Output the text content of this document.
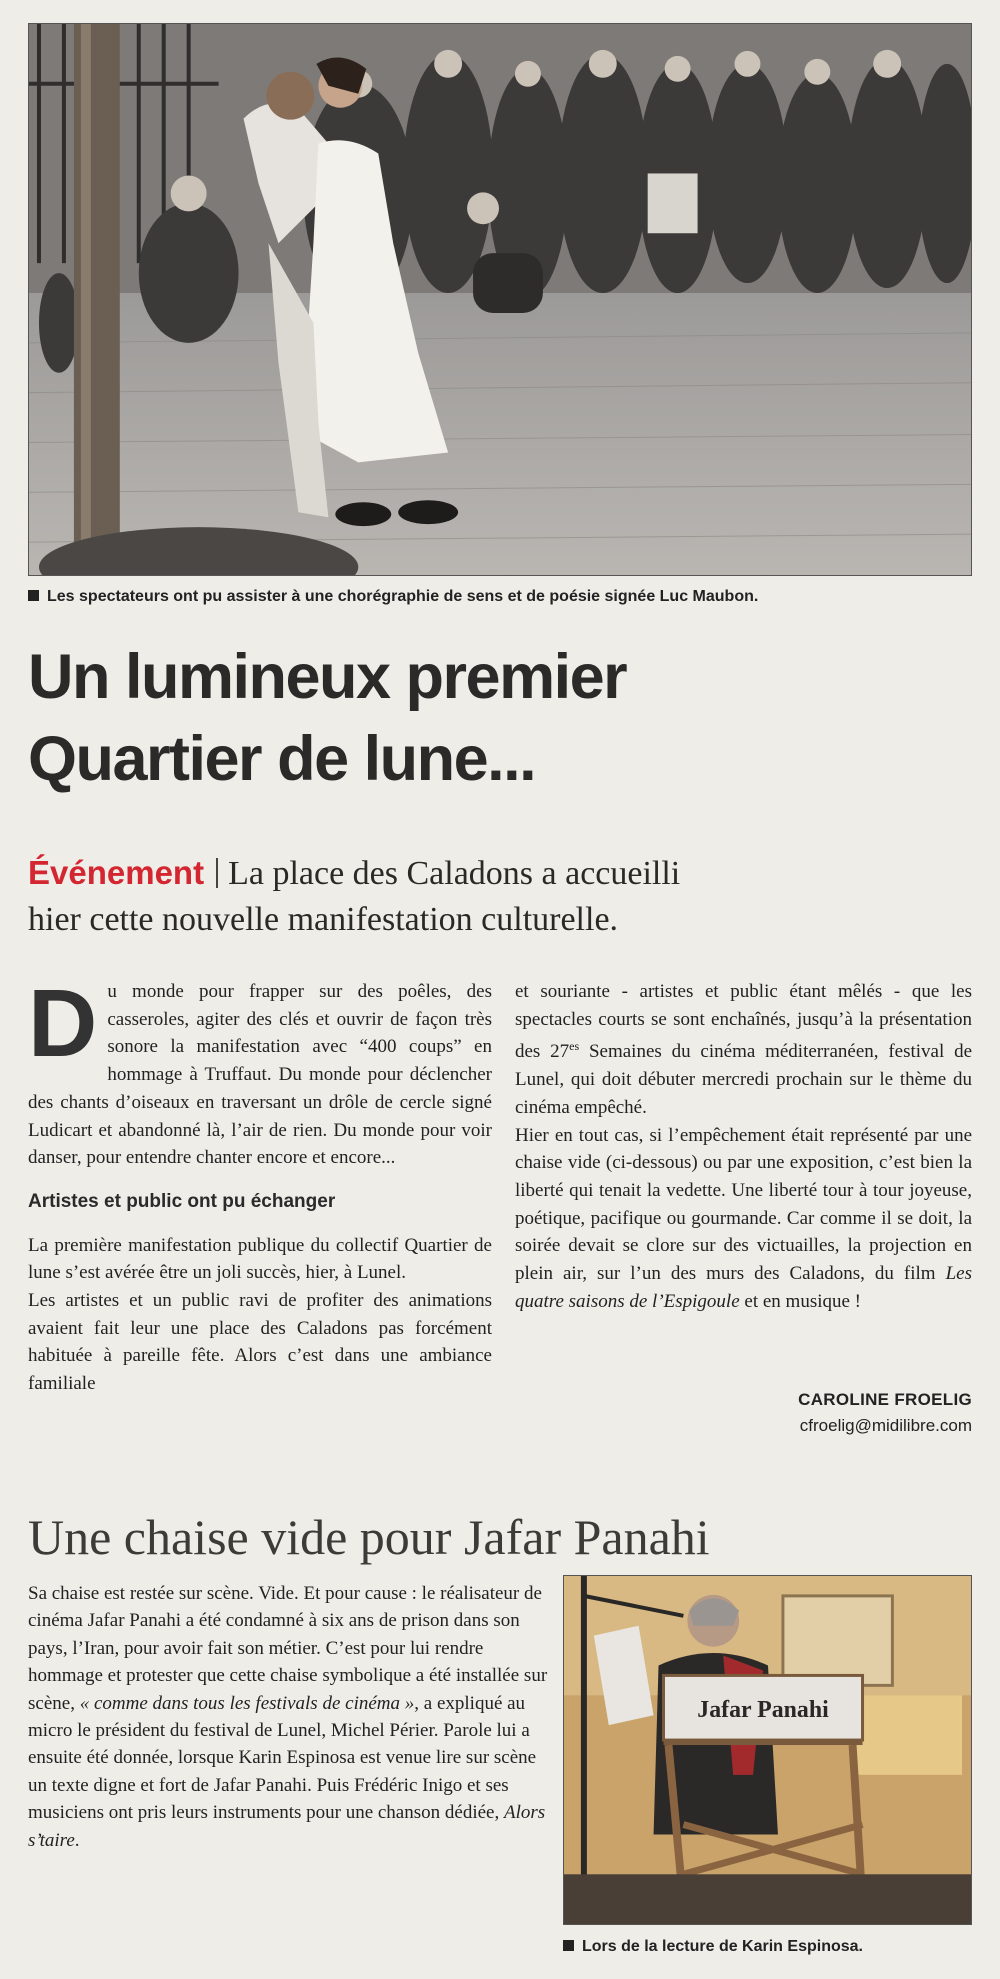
Les spectateurs ont pu assister à une chorégraphie de sens et de poésie signée Luc Maubon.
Un lumineux premier
Quartier de lune...
Événement La place des Caladons a accueilli
hier cette nouvelle manifestation culturelle.

Du monde pour frapper sur des poêles, des casseroles, agiter des clés et ouvrir de façon très sonore la manifestation avec “400 coups” en hommage à Truffaut. Du monde pour déclencher des chants d’oiseaux en traversant un drôle de cercle signé Ludicart et abandonné là, l’air de rien. Du monde pour voir danser, pour entendre chanter encore et encore...

Artistes et public ont pu échanger

La première manifestation publique du collectif Quartier de lune s’est avérée être un joli succès, hier, à Lunel.

Les artistes et un public ravi de profiter des animations avaient fait leur une place des Caladons pas forcément habituée à pareille fête. Alors c’est dans une ambiance familiale

et souriante - artistes et public étant mêlés - que les spectacles courts se sont enchaînés, jusqu’à la présentation des $27^{es}$ Semaines du cinéma méditerranéen, festival de Lunel, qui doit débuter mercredi prochain sur le thème du cinéma empêché.

Hier en tout cas, si l’empêchement était représenté par une chaise vide (ci-dessous) ou par une exposition, c’est bien la liberté qui tenait la vedette. Une liberté tour à tour joyeuse, poétique, pacifique ou gourmande. Car comme il se doit, la soirée devait se clore sur des victuailles, la projection en plein air, sur l’un des murs des Caladons, du film Les quatre saisons de l’Espigoule et en musique !

CAROLINE FROELIG
cfroelig@midilibre.com
Une chaise vide pour Jafar Panahi
Sa chaise est restée sur scène. Vide. Et pour cause : le réalisateur de cinéma Jafar Panahi a été condamné à six ans de prison dans son pays, l’Iran, pour avoir fait son métier. C’est pour lui rendre hommage et protester que cette chaise symbolique a été installée sur scène, « comme dans tous les festivals de cinéma », a expliqué au micro le président du festival de Lunel, Michel Périer. Parole lui a ensuite été donnée, lorsque Karin Espinosa est venue lire sur scène un texte digne et fort de Jafar Panahi. Puis Frédéric Inigo et ses musiciens ont pris leurs instruments pour une chanson dédiée, Alors s’taire.
Jafar Panahi
Lors de la lecture de Karin Espinosa.
